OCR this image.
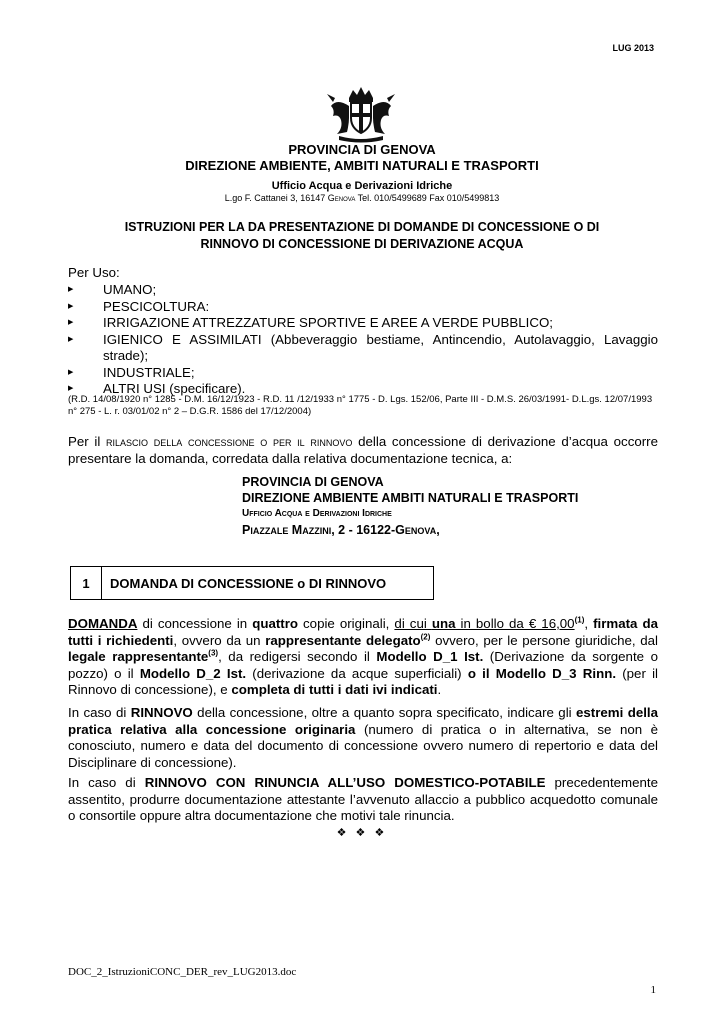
LUG 2013
PROVINCIA DI GENOVA
DIREZIONE AMBIENTE, AMBITI NATURALI E TRASPORTI
Ufficio Acqua e Derivazioni Idriche
L.go F. Cattanei 3, 16147 Genova Tel. 010/5499689 Fax 010/5499813
ISTRUZIONI PER LA DA PRESENTAZIONE DI DOMANDE DI CONCESSIONE O DI
RINNOVO DI CONCESSIONE DI DERIVAZIONE ACQUA
Per Uso:
▶ UMANO;
▶ PESCICOLTURA:
▶ IRRIGAZIONE ATTREZZATURE SPORTIVE E AREE A VERDE PUBBLICO;
▶ IGIENICO E ASSIMILATI (Abbeveraggio bestiame, Antincendio, Autolavaggio, Lavaggio strade);
▶ INDUSTRIALE;
▶ ALTRI USI (specificare).
(R.D. 14/08/1920 n° 1285 - D.M. 16/12/1923 - R.D. 11 /12/1933 n° 1775 - D. Lgs. 152/06, Parte III - D.M.S. 26/03/1991- D.L.gs. 12/07/1993 n° 275 - L. r. 03/01/02 n° 2 – D.G.R. 1586 del 17/12/2004)
Per il rilascio della concessione o per il rinnovo della concessione di derivazione d’acqua occorre presentare la domanda, corredata dalla relativa documentazione tecnica, a:
PROVINCIA DI GENOVA
DIREZIONE AMBIENTE AMBITI NATURALI E TRASPORTI
Ufficio Acqua e Derivazioni Idriche
Piazzale Mazzini, 2 - 16122-Genova,
1	DOMANDA DI CONCESSIONE o DI RINNOVO
DOMANDA di concessione in quattro copie originali, di cui una in bollo da € 16,00$^{(1)}$, firmata da tutti i richiedenti, ovvero da un rappresentante delegato$^{(2)}$ ovvero, per le persone giuridiche, dal legale rappresentante$^{(3)}$, da redigersi secondo il Modello D_1 Ist. (Derivazione da sorgente o pozzo) o il Modello D_2 Ist. (derivazione da acque superficiali) o il Modello D_3 Rinn. (per il Rinnovo di concessione), e completa di tutti i dati ivi indicati.
In caso di RINNOVO della concessione, oltre a quanto sopra specificato, indicare gli estremi della pratica relativa alla concessione originaria (numero di pratica o in alternativa, se non è conosciuto, numero e data del documento di concessione ovvero numero di repertorio e data del Disciplinare di concessione).
In caso di RINNOVO CON RINUNCIA ALL’USO DOMESTICO-POTABILE precedentemente assentito, produrre documentazione attestante l’avvenuto allaccio a pubblico acquedotto comunale o consortile oppure altra documentazione che motivi tale rinuncia.
❖ ❖ ❖
DOC_2_IstruzioniCONC_DER_rev_LUG2013.doc
1
